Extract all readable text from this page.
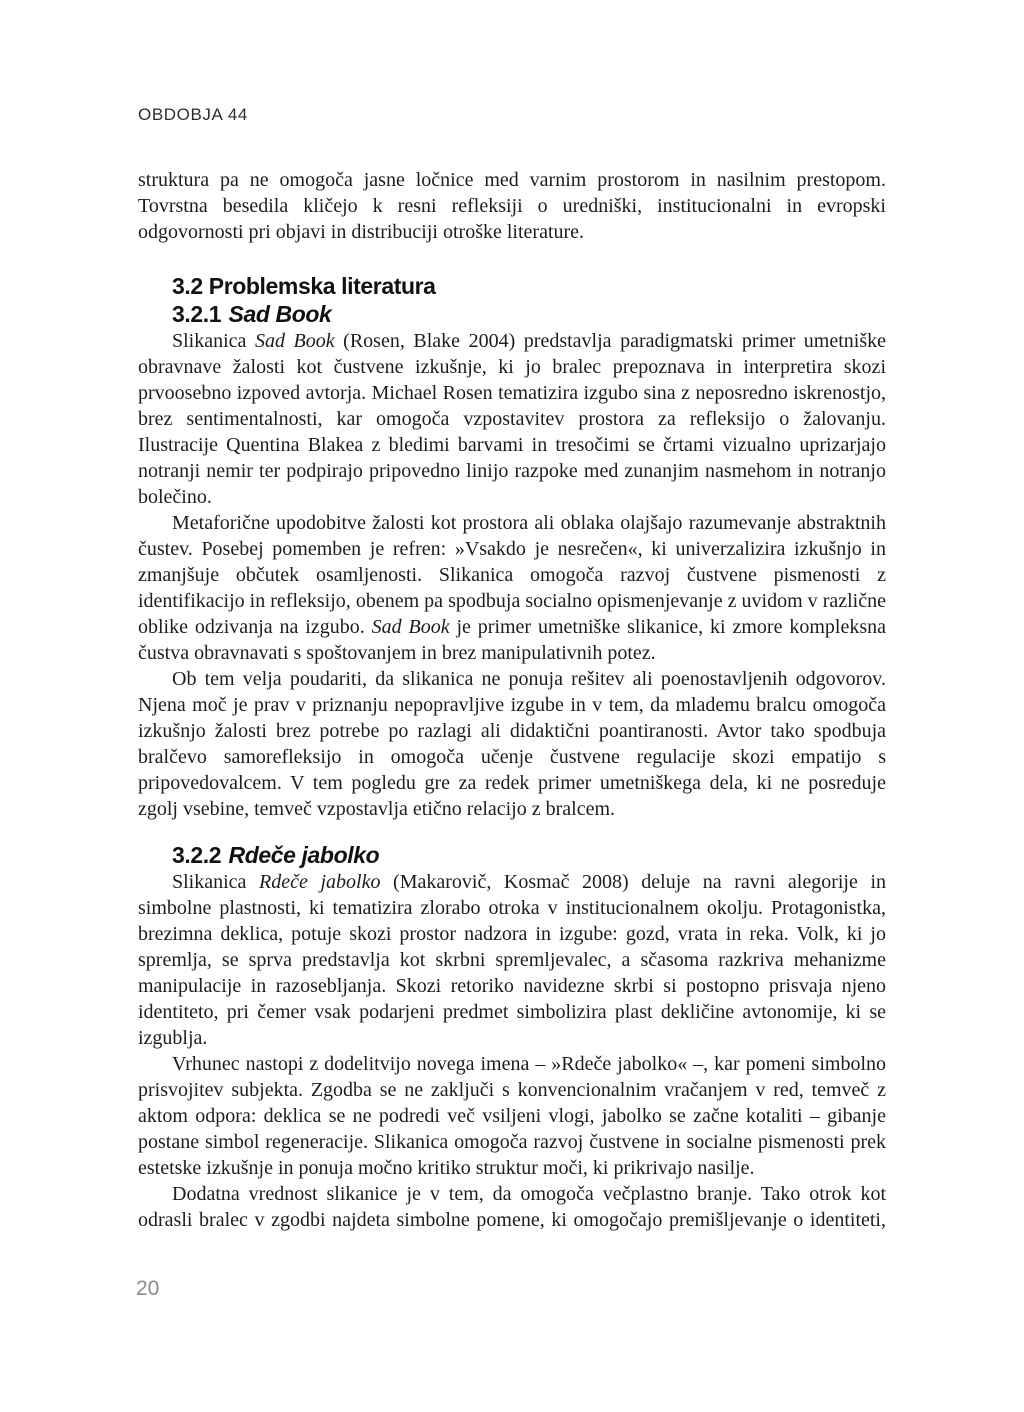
OBDOBJA 44

struktura pa ne omogoča jasne ločnice med varnim prostorom in nasilnim prestopom. Tovrstna besedila kličejo k resni refleksiji o uredniški, institucionalni in evropski odgovornosti pri objavi in distribuciji otroške literature.

3.2 Problemska literatura
3.2.1 Sad Book

Slikanica Sad Book (Rosen, Blake 2004) predstavlja paradigmatski primer umetniške obravnave žalosti kot čustvene izkušnje, ki jo bralec prepoznava in interpretira skozi prvoosebno izpoved avtorja. Michael Rosen tematizira izgubo sina z neposredno iskrenostjo, brez sentimentalnosti, kar omogoča vzpostavitev prostora za refleksijo o žalovanju. Ilustracije Quentina Blakea z bledimi barvami in tresočimi se črtami vizualno uprizarjajo notranji nemir ter podpirajo pripovedno linijo razpoke med zunanjim nasmehom in notranjo bolečino.

Metaforične upodobitve žalosti kot prostora ali oblaka olajšajo razumevanje abstraktnih čustev. Posebej pomemben je refren: »Vsakdo je nesrečen«, ki univerzalizira izkušnjo in zmanjšuje občutek osamljenosti. Slikanica omogoča razvoj čustvene pismenosti z identifikacijo in refleksijo, obenem pa spodbuja socialno opismenjevanje z uvidom v različne oblike odzivanja na izgubo. Sad Book je primer umetniške slikanice, ki zmore kompleksna čustva obravnavati s spoštovanjem in brez manipulativnih potez.

Ob tem velja poudariti, da slikanica ne ponuja rešitev ali poenostavljenih odgovorov. Njena moč je prav v priznanju nepopravljive izgube in v tem, da mlademu bralcu omogoča izkušnjo žalosti brez potrebe po razlagi ali didaktični poantiranosti. Avtor tako spodbuja bralčevo samorefleksijo in omogoča učenje čustvene regulacije skozi empatijo s pripovedovalcem. V tem pogledu gre za redek primer umetniškega dela, ki ne posreduje zgolj vsebine, temveč vzpostavlja etično relacijo z bralcem.

3.2.2 Rdeče jabolko

Slikanica Rdeče jabolko (Makarovič, Kosmač 2008) deluje na ravni alegorije in simbolne plastnosti, ki tematizira zlorabo otroka v institucionalnem okolju. Protagonistka, brezimna deklica, potuje skozi prostor nadzora in izgube: gozd, vrata in reka. Volk, ki jo spremlja, se sprva predstavlja kot skrbni spremljevalec, a sčasoma razkriva mehanizme manipulacije in razosebljanja. Skozi retoriko navidezne skrbi si postopno prisvaja njeno identiteto, pri čemer vsak podarjeni predmet simbolizira plast dekličine avtonomije, ki se izgublja.

Vrhunec nastopi z dodelitvijo novega imena – »Rdeče jabolko« –, kar pomeni simbolno prisvojitev subjekta. Zgodba se ne zaključi s konvencionalnim vračanjem v red, temveč z aktom odpora: deklica se ne podredi več vsiljeni vlogi, jabolko se začne kotaliti – gibanje postane simbol regeneracije. Slikanica omogoča razvoj čustvene in socialne pismenosti prek estetske izkušnje in ponuja močno kritiko struktur moči, ki prikrivajo nasilje.

Dodatna vrednost slikanice je v tem, da omogoča večplastno branje. Tako otrok kot odrasli bralec v zgodbi najdeta simbolne pomene, ki omogočajo premišljevanje o identiteti,

20
